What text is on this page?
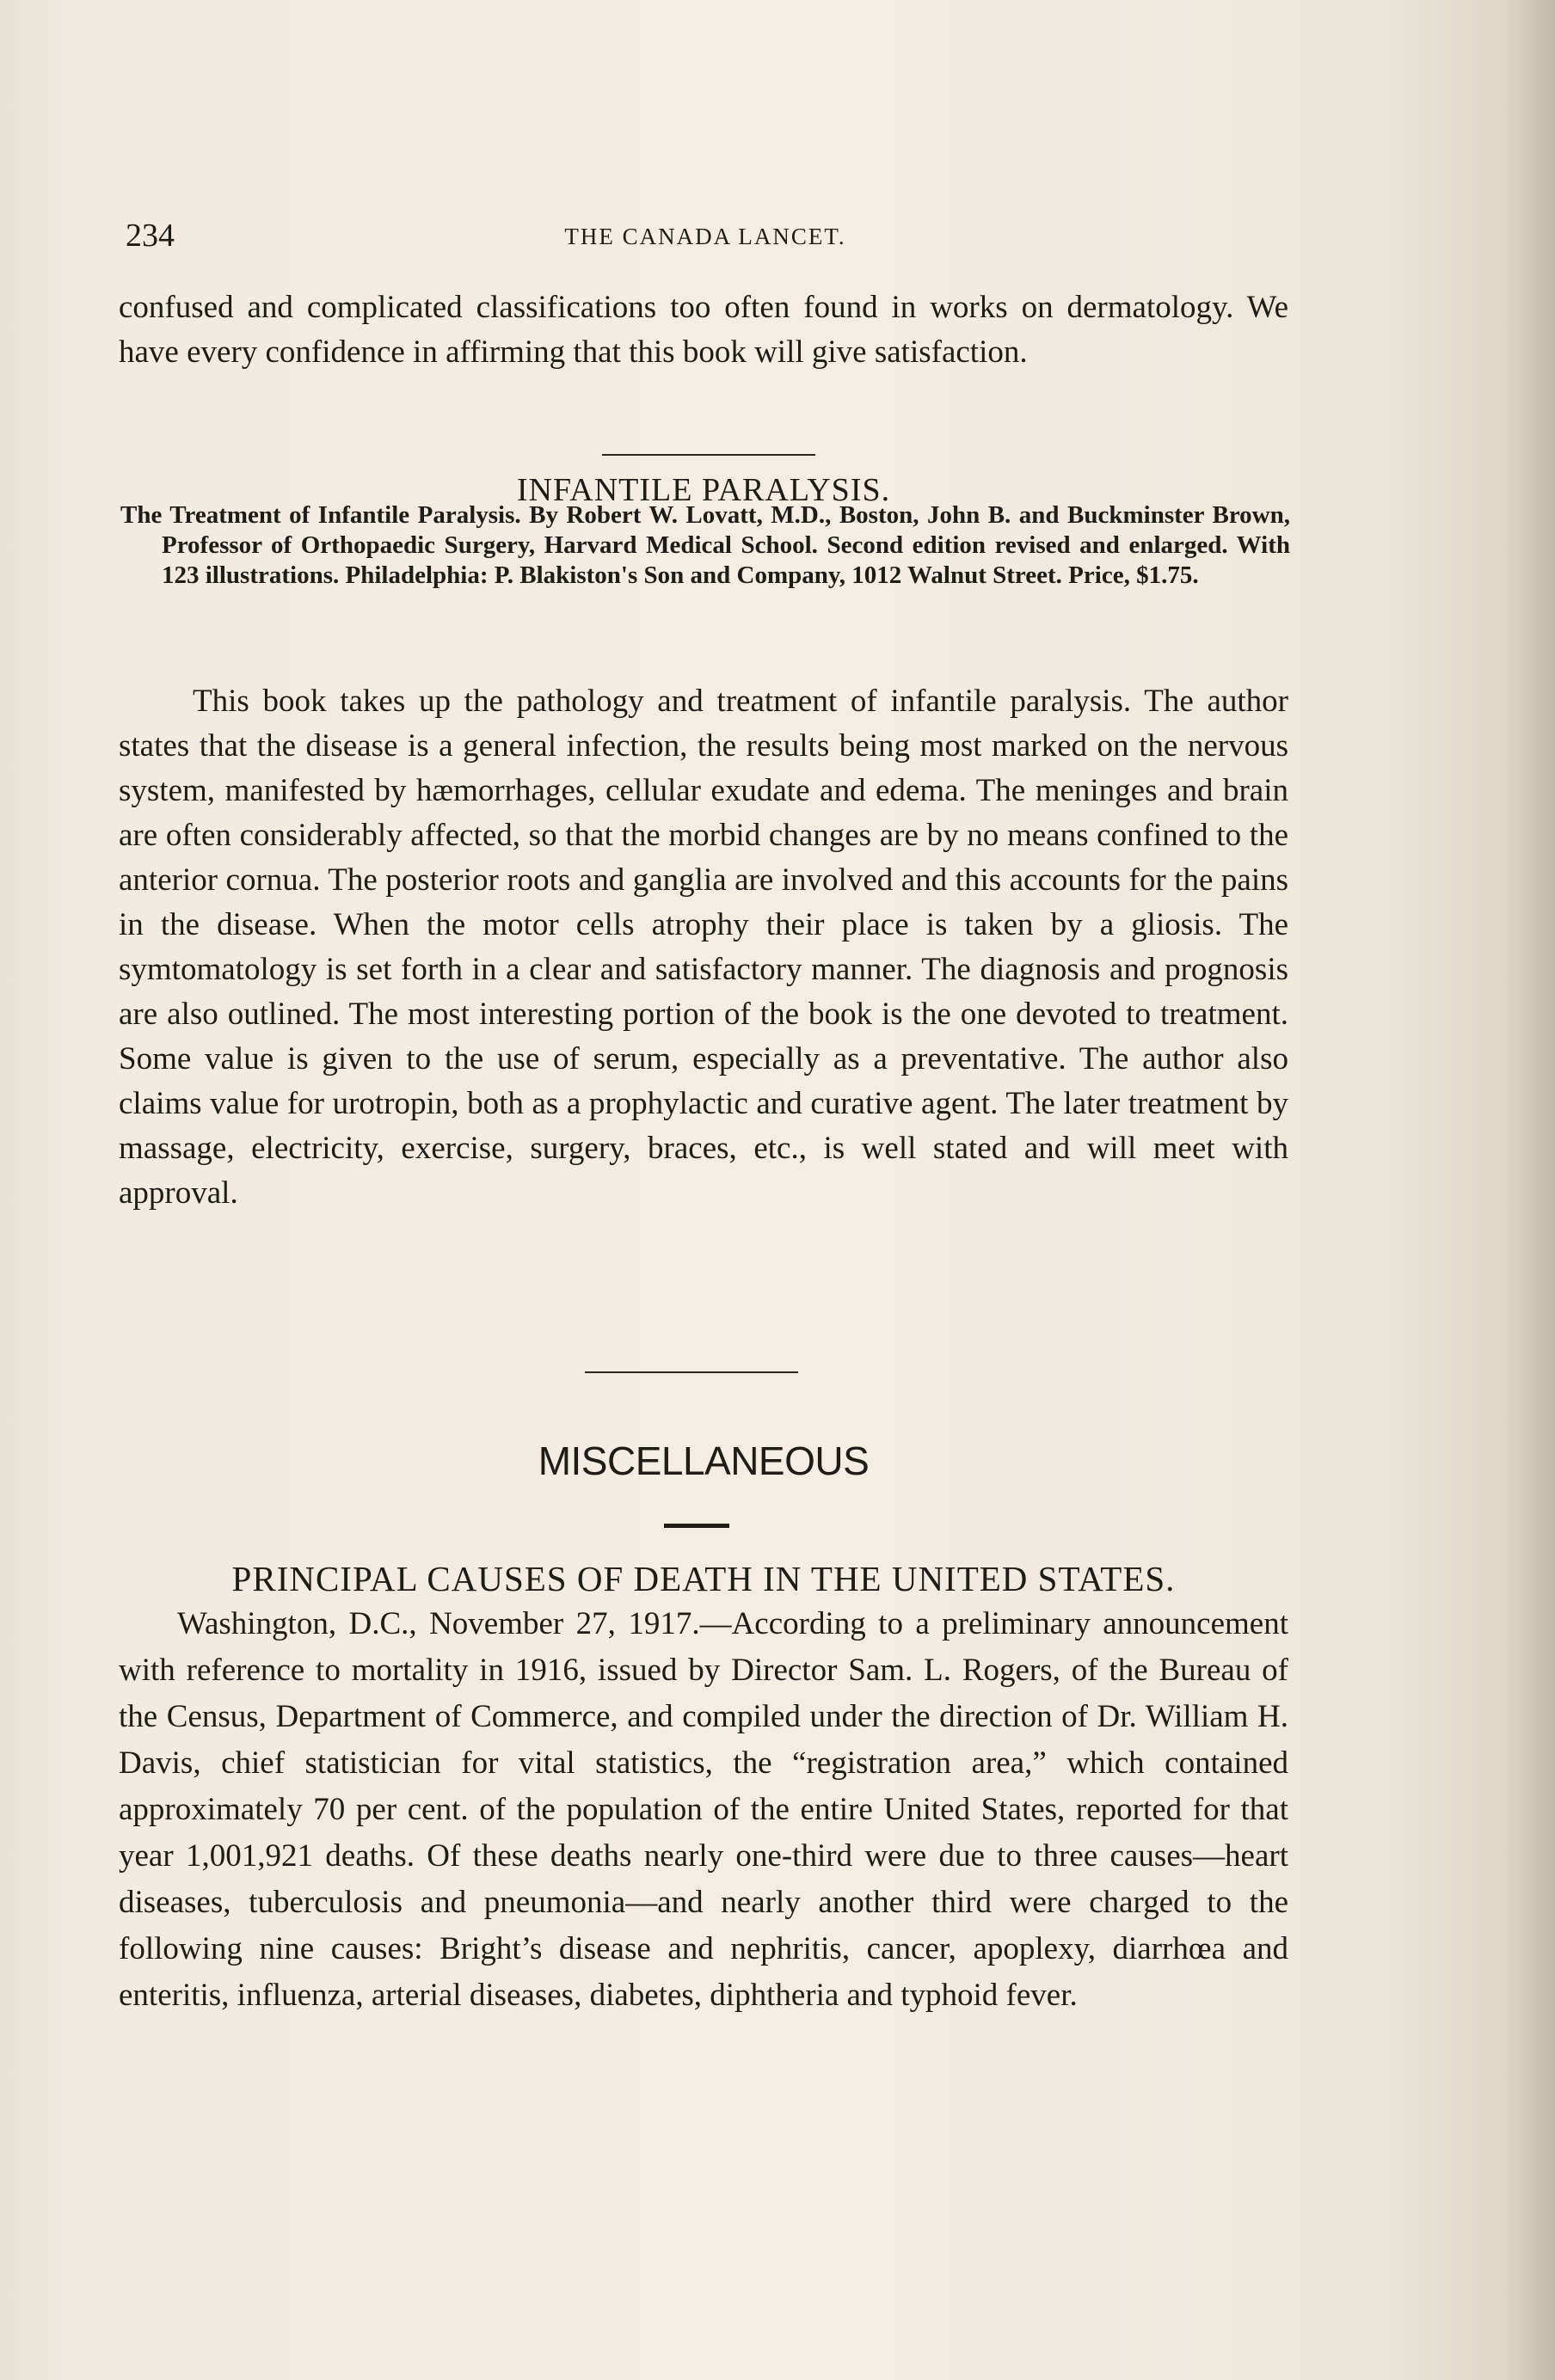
234	THE CANADA LANCET.

confused and complicated classifications too often found in works on dermatology. We have every confidence in affirming that this book will give satisfaction.

INFANTILE PARALYSIS.

The Treatment of Infantile Paralysis. By Robert W. Lovatt, M.D., Boston, John B. and Buckminster Brown, Professor of Orthopaedic Surgery, Harvard Medical School. Second edition revised and enlarged. With 123 illustrations. Philadelphia: P. Blakiston's Son and Company, 1012 Walnut Street. Price, $1.75.

This book takes up the pathology and treatment of infantile paralysis. The author states that the disease is a general infection, the results being most marked on the nervous system, manifested by hæmorrhages, cellular exudate and edema. The meninges and brain are often considerably affected, so that the morbid changes are by no means confined to the anterior cornua. The posterior roots and ganglia are involved and this accounts for the pains in the disease. When the motor cells atrophy their place is taken by a gliosis. The symtomatology is set forth in a clear and satisfactory manner. The diagnosis and prognosis are also outlined. The most interesting portion of the book is the one devoted to treatment. Some value is given to the use of serum, especially as a preventative. The author also claims value for urotropin, both as a prophylactic and curative agent. The later treatment by massage, electricity, exercise, surgery, braces, etc., is well stated and will meet with approval.

MISCELLANEOUS
PRINCIPAL CAUSES OF DEATH IN THE UNITED STATES.

Washington, D.C., November 27, 1917.—According to a preliminary announcement with reference to mortality in 1916, issued by Director Sam. L. Rogers, of the Bureau of the Census, Department of Commerce, and compiled under the direction of Dr. William H. Davis, chief statistician for vital statistics, the “registration area,” which contained approximately 70 per cent. of the population of the entire United States, reported for that year 1,001,921 deaths. Of these deaths nearly one-third were due to three causes—heart diseases, tuberculosis and pneumonia—and nearly another third were charged to the following nine causes: Bright’s disease and nephritis, cancer, apoplexy, diarrhœa and enteritis, influenza, arterial diseases, diabetes, diphtheria and typhoid fever.
